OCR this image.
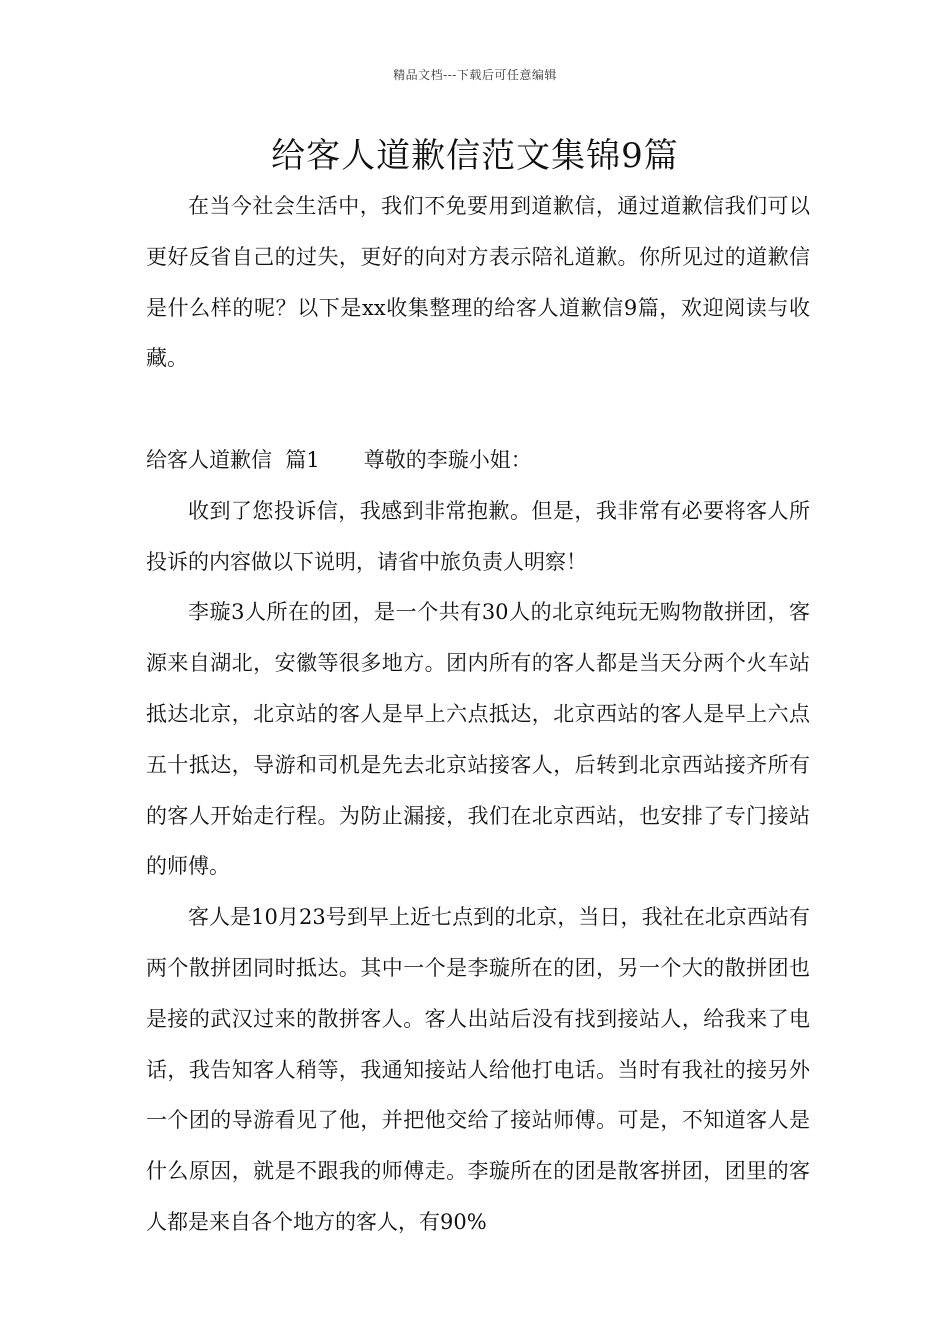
精品文档---下载后可任意编辑
给客人道歉信范文集锦9篇

在当今社会生活中，我们不免要用到道歉信，通过道歉信我们可以更好反省自己的过失，更好的向对方表示陪礼道歉。你所见过的道歉信是什么样的呢？以下是xx收集整理的给客人道歉信9篇，欢迎阅读与收藏。

给客人道歉信  篇1 尊敬的李璇小姐：

收到了您投诉信，我感到非常抱歉。但是，我非常有必要将客人所投诉的内容做以下说明，请省中旅负责人明察！

李璇3人所在的团，是一个共有30人的北京纯玩无购物散拼团，客源来自湖北，安徽等很多地方。团内所有的客人都是当天分两个火车站抵达北京，北京站的客人是早上六点抵达，北京西站的客人是早上六点五十抵达，导游和司机是先去北京站接客人，后转到北京西站接齐所有的客人开始走行程。为防止漏接，我们在北京西站，也安排了专门接站的师傅。

客人是10月23号到早上近七点到的北京，当日，我社在北京西站有两个散拼团同时抵达。其中一个是李璇所在的团，另一个大的散拼团也是接的武汉过来的散拼客人。客人出站后没有找到接站人，给我来了电话，我告知客人稍等，我通知接站人给他打电话。当时有我社的接另外一个团的导游看见了他，并把他交给了接站师傅。可是，不知道客人是什么原因，就是不跟我的师傅走。李璇所在的团是散客拼团，团里的客人都是来自各个地方的客人，有90%
